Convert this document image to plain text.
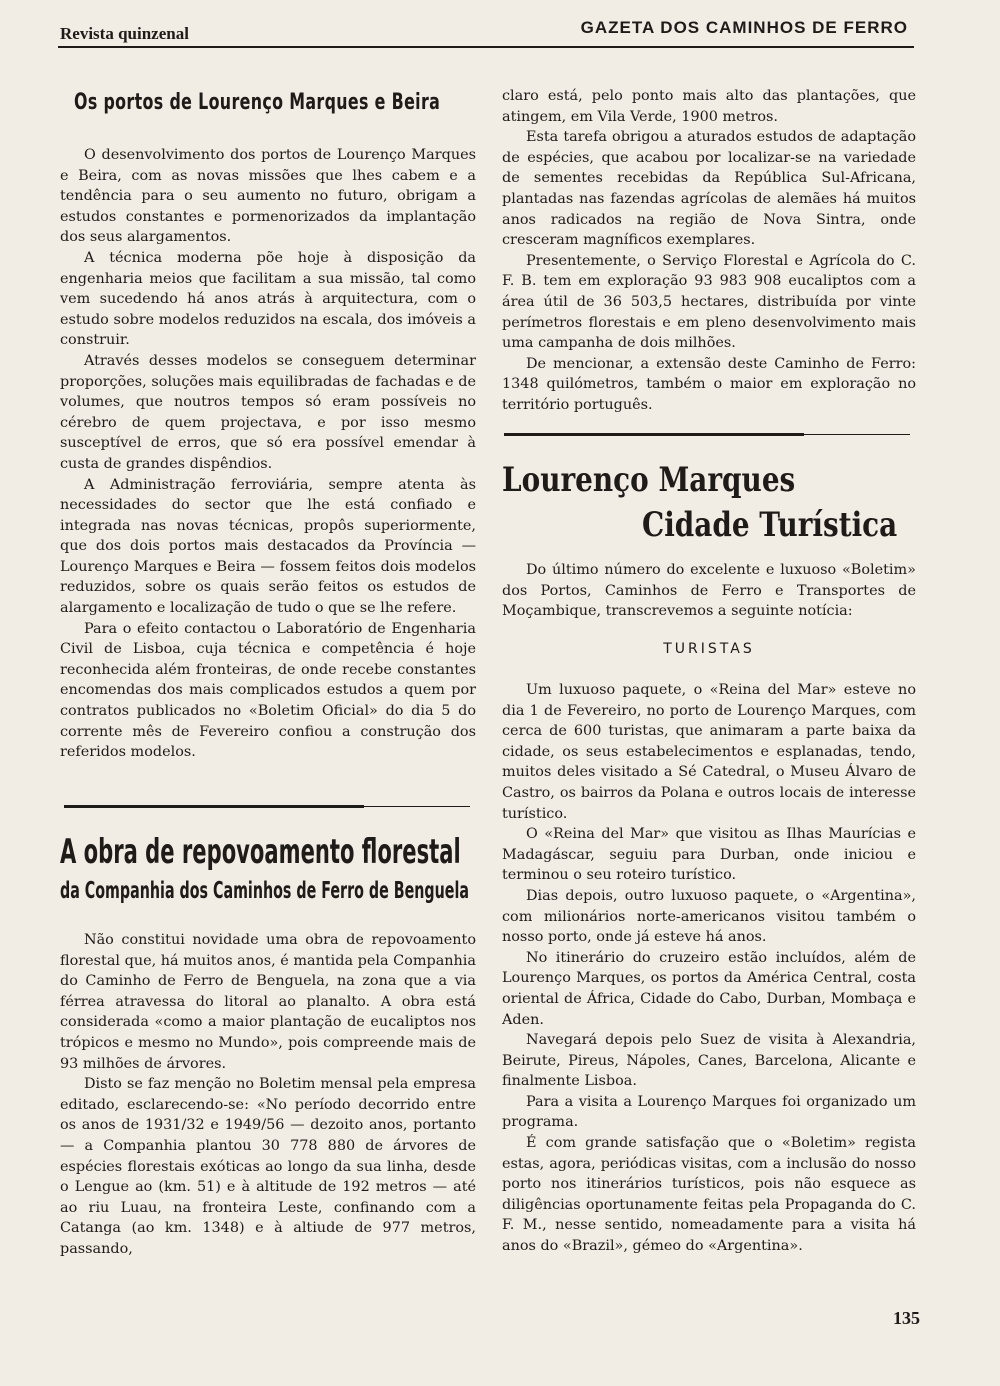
Revista quinzenal	GAZETA DOS CAMINHOS DE FERRO
Os portos de Lourenço Marques e Beira

O desenvolvimento dos portos de Lourenço Marques e Beira, com as novas missões que lhes cabem e a tendência para o seu aumento no futuro, obrigam a estudos constantes e pormenorizados da implantação dos seus alargamentos.

A técnica moderna põe hoje à disposição da engenharia meios que facilitam a sua missão, tal como vem sucedendo há anos atrás à arquitectura, com o estudo sobre modelos reduzidos na escala, dos imóveis a construir.

Através desses modelos se conseguem determinar proporções, soluções mais equilibradas de fachadas e de volumes, que noutros tempos só eram possíveis no cérebro de quem projectava, e por isso mesmo susceptível de erros, que só era possível emendar à custa de grandes dispêndios.

A Administração ferroviária, sempre atenta às necessidades do sector que lhe está confiado e integrada nas novas técnicas, propôs superiormente, que dos dois portos mais destacados da Província — Lourenço Marques e Beira — fossem feitos dois modelos reduzidos, sobre os quais serão feitos os estudos de alargamento e localização de tudo o que se lhe refere.

Para o efeito contactou o Laboratório de Engenharia Civil de Lisboa, cuja técnica e competência é hoje reconhecida além fronteiras, de onde recebe constantes encomendas dos mais complicados estudos a quem por contratos publicados no «Boletim Oficial» do dia 5 do corrente mês de Fevereiro confiou a construção dos referidos modelos.

A obra de repovoamento florestal
da Companhia dos Caminhos de Ferro de Benguela

Não constitui novidade uma obra de repovoamento florestal que, há muitos anos, é mantida pela Companhia do Caminho de Ferro de Benguela, na zona que a via férrea atravessa do litoral ao planalto. A obra está considerada «como a maior plantação de eucaliptos nos trópicos e mesmo no Mundo», pois compreende mais de 93 milhões de árvores.

Disto se faz menção no Boletim mensal pela empresa editado, esclarecendo-se: «No período decorrido entre os anos de 1931/32 e 1949/56 — dezoito anos, portanto — a Companhia plantou 30 778 880 de árvores de espécies florestais exóticas ao longo da sua linha, desde o Lengue ao (km. 51) e à altitude de 192 metros — até ao riu Luau, na fronteira Leste, confinando com a Catanga (ao km. 1348) e à altiude de 977 metros, passando,

claro está, pelo ponto mais alto das plantações, que atingem, em Vila Verde, 1900 metros.

Esta tarefa obrigou a aturados estudos de adaptação de espécies, que acabou por localizar-se na variedade de sementes recebidas da República Sul-Africana, plantadas nas fazendas agrícolas de alemães há muitos anos radicados na região de Nova Sintra, onde cresceram magníficos exemplares.

Presentemente, o Serviço Florestal e Agrícola do C. F. B. tem em exploração 93 983 908 eucaliptos com a área útil de 36 503,5 hectares, distribuída por vinte perímetros florestais e em pleno desenvolvimento mais uma campanha de dois milhões.

De mencionar, a extensão deste Caminho de Ferro: 1348 quilómetros, também o maior em exploração no território português.

Lourenço Marques
Cidade Turística

Do último número do excelente e luxuoso «Boletim» dos Portos, Caminhos de Ferro e Transportes de Moçambique, transcrevemos a seguinte notícia:

TURISTAS

Um luxuoso paquete, o «Reina del Mar» esteve no dia 1 de Fevereiro, no porto de Lourenço Marques, com cerca de 600 turistas, que animaram a parte baixa da cidade, os seus estabelecimentos e esplanadas, tendo, muitos deles visitado a Sé Catedral, o Museu Álvaro de Castro, os bairros da Polana e outros locais de interesse turístico.

O «Reina del Mar» que visitou as Ilhas Maurícias e Madagáscar, seguiu para Durban, onde iniciou e terminou o seu roteiro turístico.

Dias depois, outro luxuoso paquete, o «Argentina», com milionários norte-americanos visitou também o nosso porto, onde já esteve há anos.

No itinerário do cruzeiro estão incluídos, além de Lourenço Marques, os portos da América Central, costa oriental de África, Cidade do Cabo, Durban, Mombaça e Aden.

Navegará depois pelo Suez de visita à Alexandria, Beirute, Pireus, Nápoles, Canes, Barcelona, Alicante e finalmente Lisboa.

Para a visita a Lourenço Marques foi organizado um programa.

É com grande satisfação que o «Boletim» regista estas, agora, periódicas visitas, com a inclusão do nosso porto nos itinerários turísticos, pois não esquece as diligências oportunamente feitas pela Propaganda do C. F. M., nesse sentido, nomeadamente para a visita há anos do «Brazil», gémeo do «Argentina».

135
